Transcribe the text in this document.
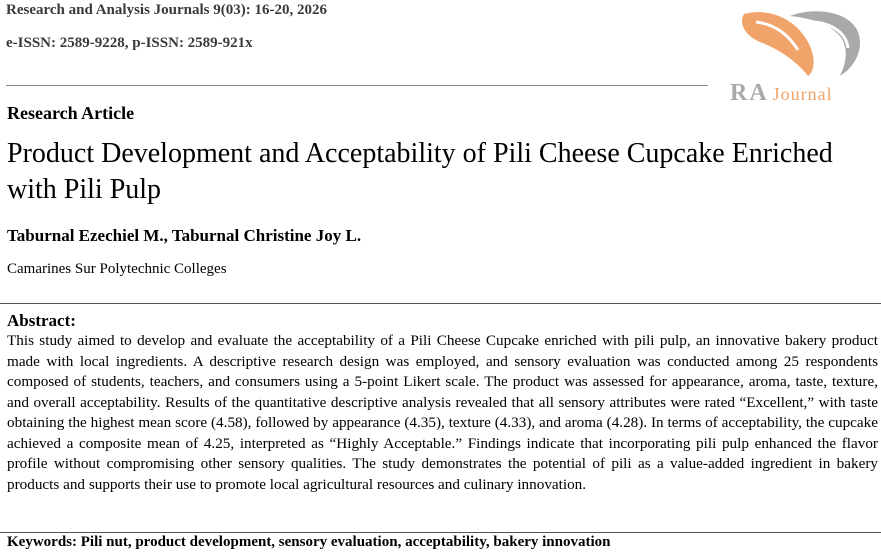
Research and Analysis Journals 9(03): 16-20, 2026
e-ISSN: 2589-9228, p-ISSN: 2589-921x
RA Journal
Research Article
Product Development and Acceptability of Pili Cheese Cupcake Enriched with Pili Pulp
Taburnal Ezechiel M., Taburnal Christine Joy L.
Camarines Sur Polytechnic Colleges
Abstract:

This study aimed to develop and evaluate the acceptability of a Pili Cheese Cupcake enriched with pili pulp, an innovative bakery product made with local ingredients. A descriptive research design was employed, and sensory evaluation was conducted among 25 respondents composed of students, teachers, and consumers using a 5-point Likert scale. The product was assessed for appearance, aroma, taste, texture, and overall acceptability. Results of the quantitative descriptive analysis revealed that all sensory attributes were rated “Excellent,” with taste obtaining the highest mean score (4.58), followed by appearance (4.35), texture (4.33), and aroma (4.28). In terms of acceptability, the cupcake achieved a composite mean of 4.25, interpreted as “Highly Acceptable.” Findings indicate that incorporating pili pulp enhanced the flavor profile without compromising other sensory qualities. The study demonstrates the potential of pili as a value-added ingredient in bakery products and supports their use to promote local agricultural resources and culinary innovation.

Keywords: Pili nut, product development, sensory evaluation, acceptability, bakery innovation
